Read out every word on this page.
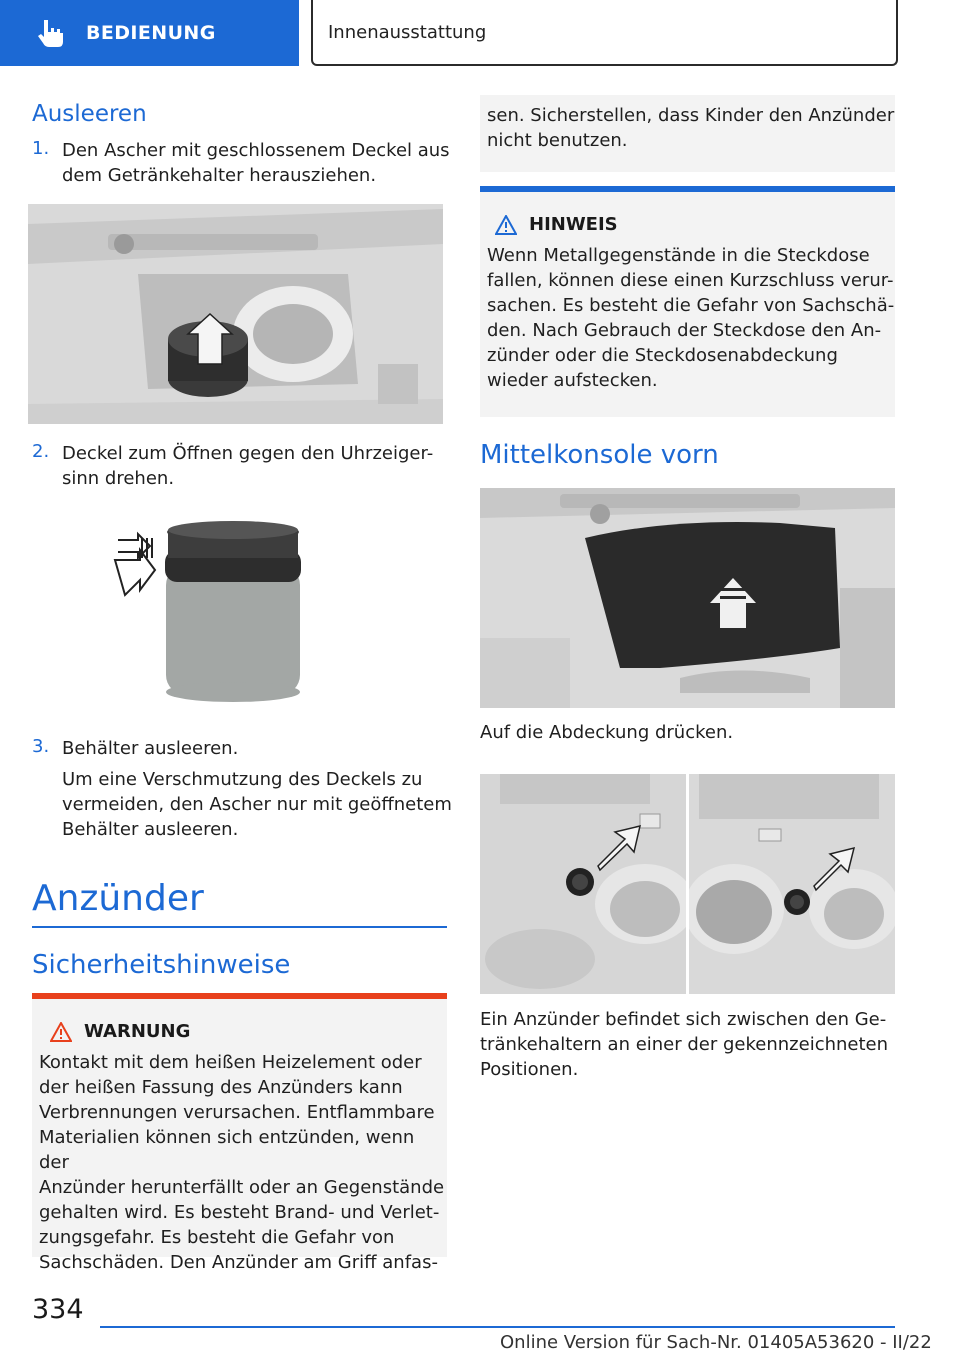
BEDIENUNG	Innenausstattung
Ausleeren
1. Den Ascher mit geschlossenem Deckel aus
dem Getränkehalter herausziehen.
2. Deckel zum Öffnen gegen den Uhrzeiger-
sinn drehen.
3. Behälter ausleeren.
Um eine Verschmutzung des Deckels zu
vermeiden, den Ascher nur mit geöffnetem
Behälter ausleeren.
Anzünder
Sicherheitshinweise
WARNUNG
Kontakt mit dem heißen Heizelement oder
der heißen Fassung des Anzünders kann
Verbrennungen verursachen. Entflammbare
Materialien können sich entzünden, wenn der
Anzünder herunterfällt oder an Gegenstände
gehalten wird. Es besteht Brand- und Verlet-
zungsgefahr. Es besteht die Gefahr von
Sachschäden. Den Anzünder am Griff anfas-
sen. Sicherstellen, dass Kinder den Anzünder
nicht benutzen.
HINWEIS
Wenn Metallgegenstände in die Steckdose
fallen, können diese einen Kurzschluss verur-
sachen. Es besteht die Gefahr von Sachschä-
den. Nach Gebrauch der Steckdose den An-
zünder oder die Steckdosenabdeckung
wieder aufstecken.
Mittelkonsole vorn
Auf die Abdeckung drücken.
Ein Anzünder befindet sich zwischen den Ge-
tränkehaltern an einer der gekennzeichneten
Positionen.
334
Online Version für Sach-Nr. 01405A53620 - II/22
